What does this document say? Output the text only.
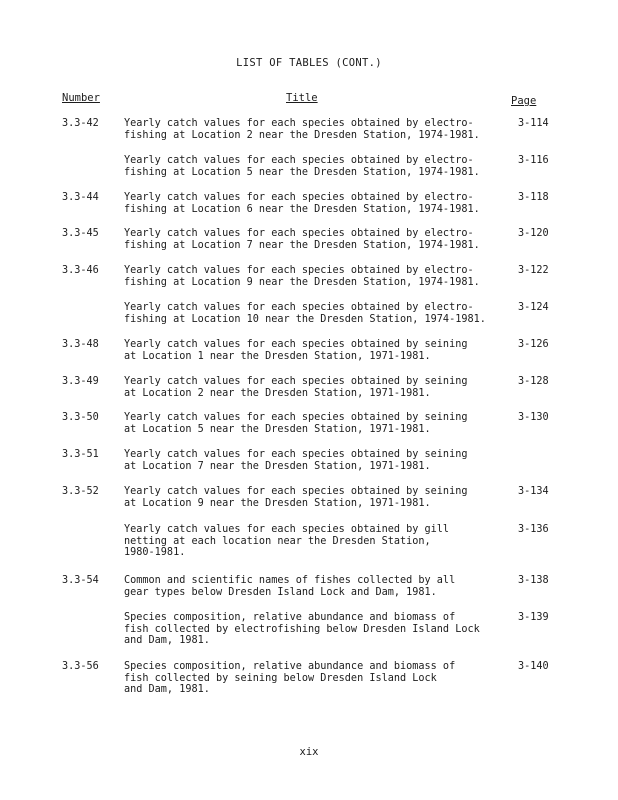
LIST OF TABLES (CONT.)
Number	Title	Page
3.3-42	Yearly catch values for each species obtained by electro-
fishing at Location 2 near the Dresden Station, 1974-1981.
3-114
Yearly catch values for each species obtained by electro-
fishing at Location 5 near the Dresden Station, 1974-1981.
3-116
3.3-44	Yearly catch values for each species obtained by electro-
fishing at Location 6 near the Dresden Station, 1974-1981.
3-118
3.3-45	Yearly catch values for each species obtained by electro-
fishing at Location 7 near the Dresden Station, 1974-1981.
3-120
3.3-46	Yearly catch values for each species obtained by electro-
fishing at Location 9 near the Dresden Station, 1974-1981.
3-122
Yearly catch values for each species obtained by electro-
fishing at Location 10 near the Dresden Station, 1974-1981.
3-124
3.3-48	Yearly catch values for each species obtained by seining
at Location 1 near the Dresden Station, 1971-1981.
3-126
3.3-49	Yearly catch values for each species obtained by seining
at Location 2 near the Dresden Station, 1971-1981.
3-128
3.3-50	Yearly catch values for each species obtained by seining
at Location 5 near the Dresden Station, 1971-1981.
3-130
3.3-51	Yearly catch values for each species obtained by seining
at Location 7 near the Dresden Station, 1971-1981.
3.3-52	Yearly catch values for each species obtained by seining
at Location 9 near the Dresden Station, 1971-1981.
3-134
Yearly catch values for each species obtained by gill
netting at each location near the Dresden Station,
1980-1981.
3-136
3.3-54	Common and scientific names of fishes collected by all
gear types below Dresden Island Lock and Dam, 1981.
3-138
Species composition, relative abundance and biomass of
fish collected by electrofishing below Dresden Island Lock
and Dam, 1981.
3-139
3.3-56	Species composition, relative abundance and biomass of
fish collected by seining below Dresden Island Lock
and Dam, 1981.
3-140
xix
